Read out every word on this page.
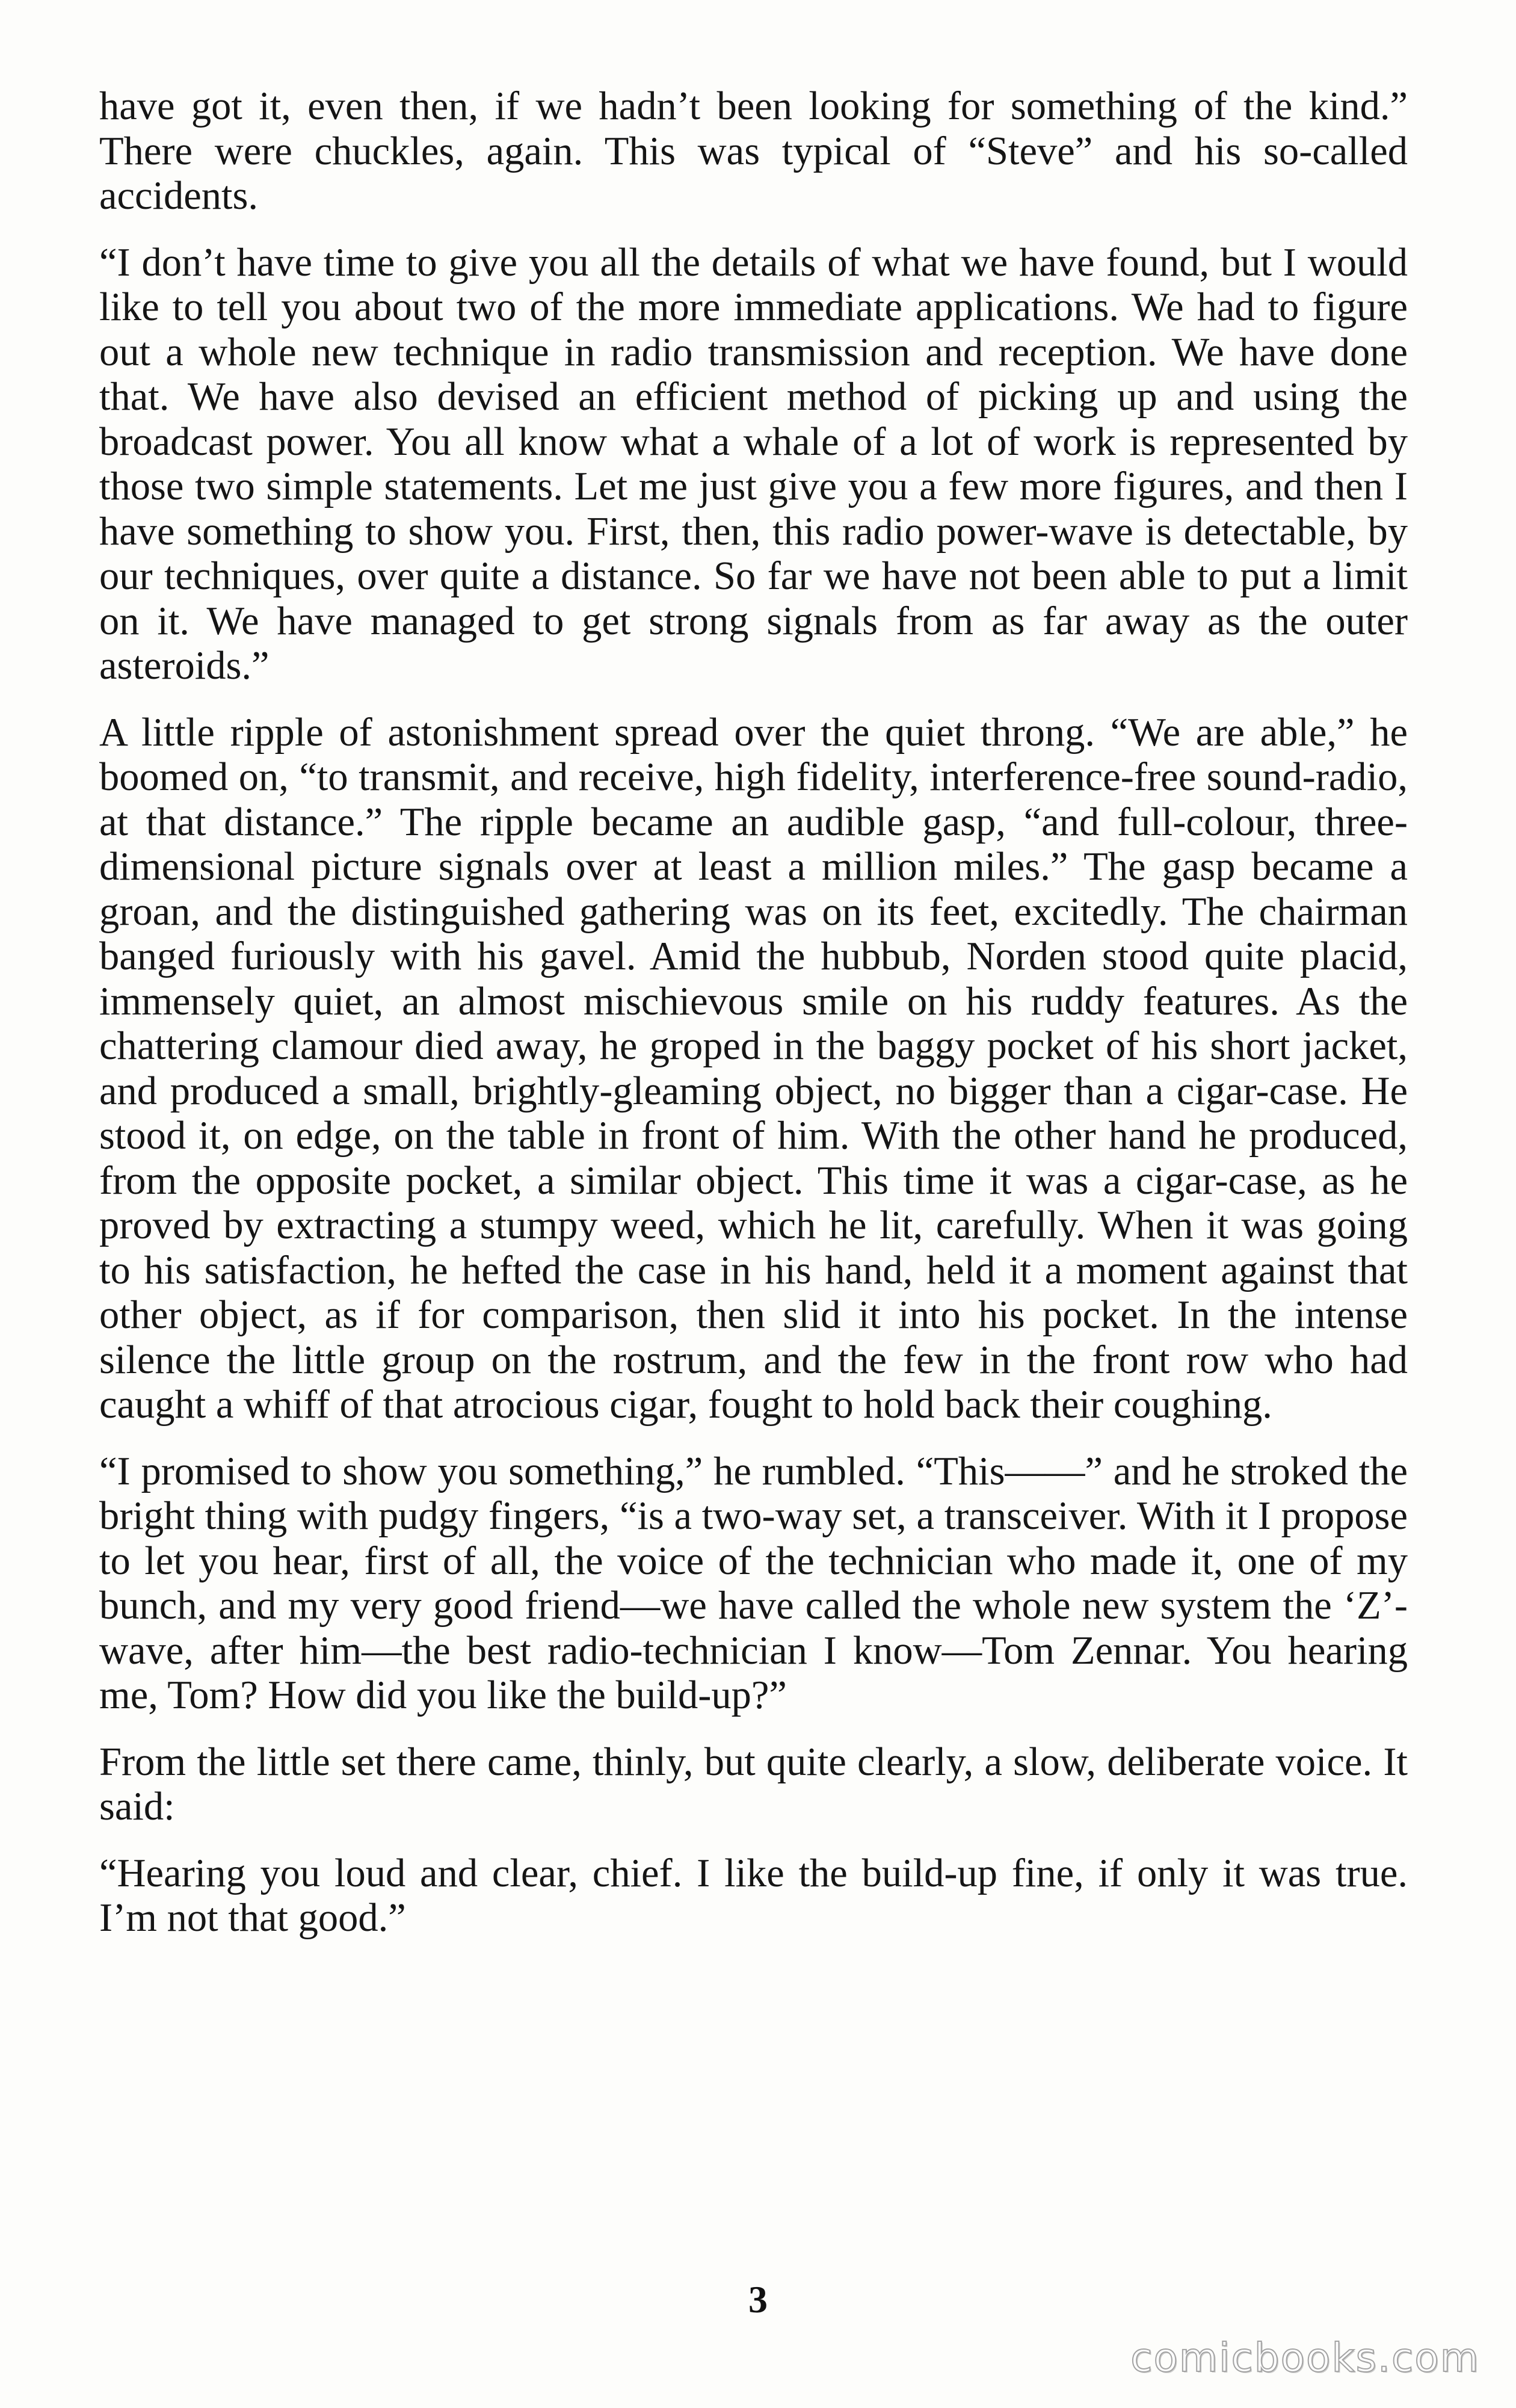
have got it, even then, if we hadn’t been looking for something of the kind.” There were chuckles, again. This was typical of “Steve” and his so-called accidents.

“I don’t have time to give you all the details of what we have found, but I would like to tell you about two of the more immediate applications. We had to figure out a whole new technique in radio transmission and reception. We have done that. We have also devised an efficient method of picking up and using the broadcast power. You all know what a whale of a lot of work is represented by those two simple statements. Let me just give you a few more figures, and then I have something to show you. First, then, this radio power-wave is detectable, by our techniques, over quite a distance. So far we have not been able to put a limit on it. We have managed to get strong signals from as far away as the outer asteroids.”

A little ripple of astonishment spread over the quiet throng. “We are able,” he boomed on, “to transmit, and receive, high fidelity, interference-free sound-radio, at that distance.” The ripple became an audible gasp, “and full-colour, three-dimensional picture signals over at least a million miles.” The gasp became a groan, and the distinguished gathering was on its feet, excitedly. The chairman banged furiously with his gavel. Amid the hubbub, Norden stood quite placid, immensely quiet, an almost mischievous smile on his ruddy features. As the chattering clamour died away, he groped in the baggy pocket of his short jacket, and produced a small, brightly-gleaming object, no bigger than a cigar-case. He stood it, on edge, on the table in front of him. With the other hand he produced, from the opposite pocket, a similar object. This time it was a cigar-case, as he proved by extracting a stumpy weed, which he lit, carefully. When it was going to his satisfaction, he hefted the case in his hand, held it a moment against that other object, as if for comparison, then slid it into his pocket. In the intense silence the little group on the rostrum, and the few in the front row who had caught a whiff of that atrocious cigar, fought to hold back their coughing.

“I promised to show you something,” he rumbled. “This——” and he stroked the bright thing with pudgy fingers, “is a two-way set, a transceiver. With it I propose to let you hear, first of all, the voice of the technician who made it, one of my bunch, and my very good friend—we have called the whole new system the ‘Z’-wave, after him—the best radio-technician I know—Tom Zennar. You hearing me, Tom? How did you like the build-up?”

From the little set there came, thinly, but quite clearly, a slow, deliberate voice. It said:

“Hearing you loud and clear, chief. I like the build-up fine, if only it was true. I’m not that good.”

3
comicbooks.com
